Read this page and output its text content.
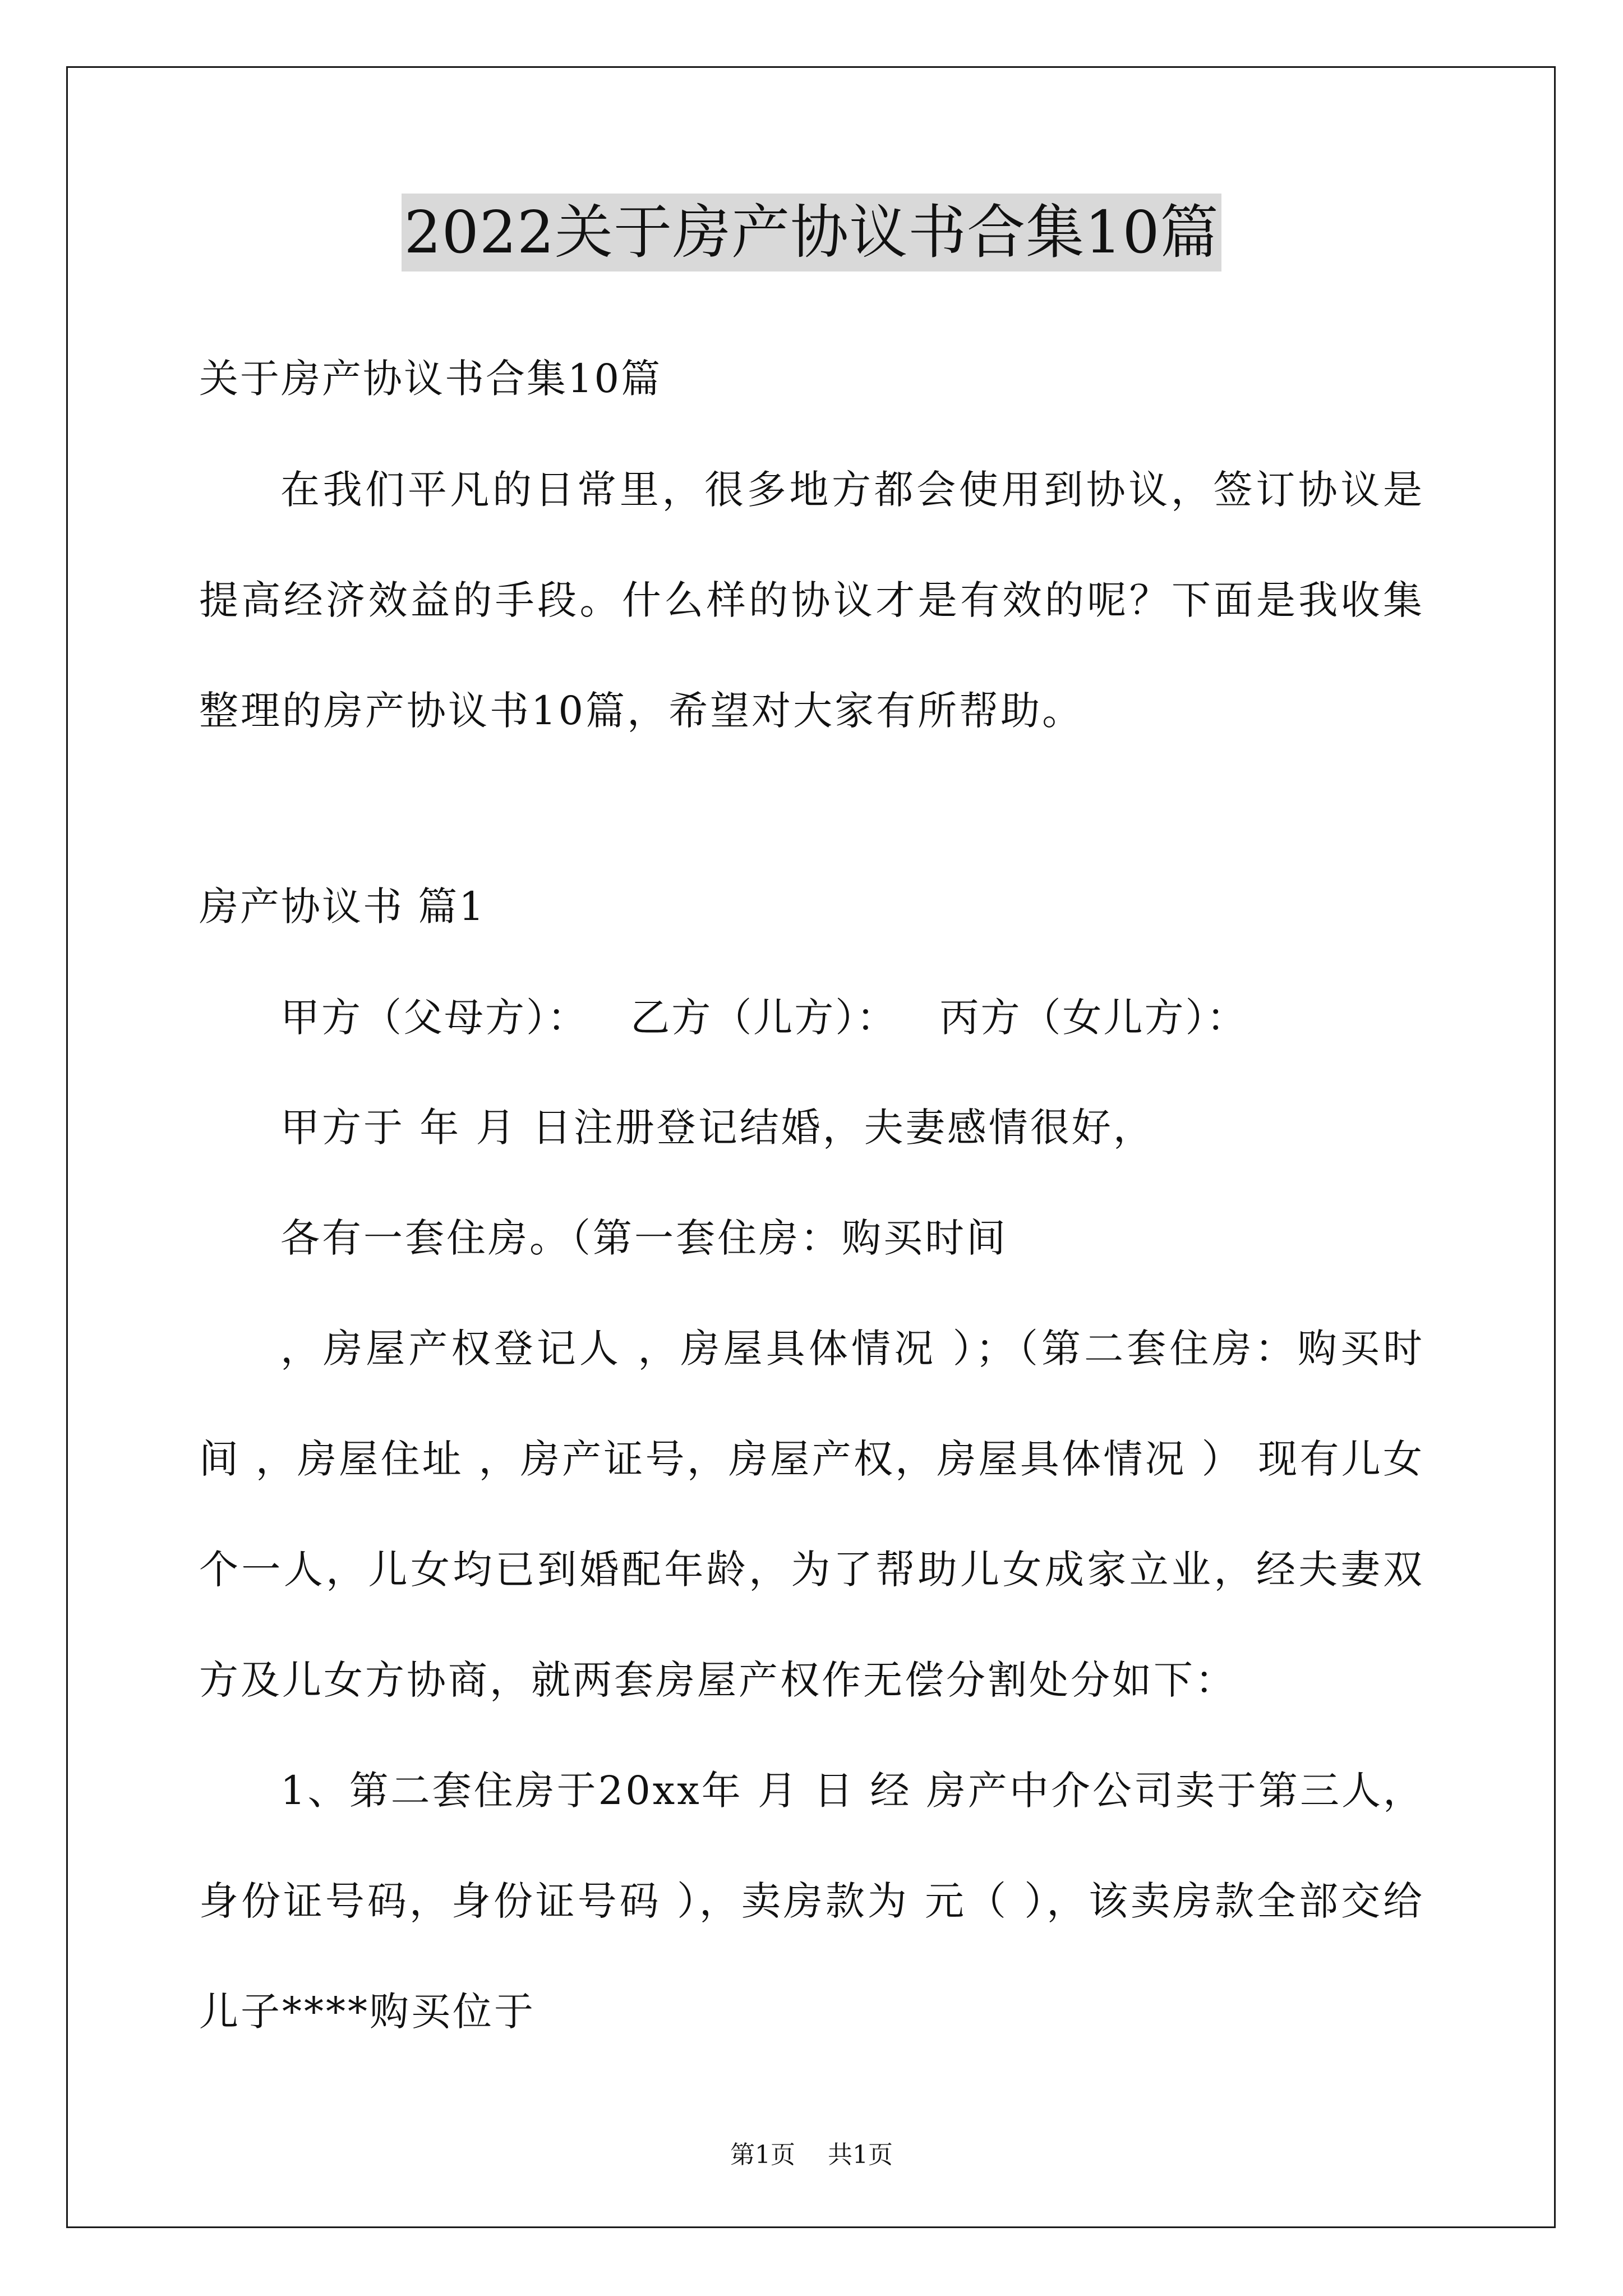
2022关于房产协议书合集10篇
关于房产协议书合集10篇

在我们平凡的日常里，很多地方都会使用到协议，签订协议是提高经济效益的手段。什么样的协议才是有效的呢？下面是我收集整理的房产协议书10篇，希望对大家有所帮助。

房产协议书 篇1
甲方（父母方）： 乙方（儿方）： 丙方（女儿方）：

甲方于 年 月 日注册登记结婚，夫妻感情很好，

各有一套住房。（第一套住房：购买时间

，房屋产权登记人 ，房屋具体情况 ）；（第二套住房：购买时间 ，房屋住址 ，房产证号，房屋产权，房屋具体情况 ） 现有儿女个一人，儿女均已到婚配年龄，为了帮助儿女成家立业，经夫妻双方及儿女方协商，就两套房屋产权作无偿分割处分如下：

1、第二套住房于20xx年 月 日 经 房产中介公司卖于第三人，身份证号码，身份证号码 ），卖房款为 元（ ），该卖房款全部交给儿子****购买位于

第1页 共1页
